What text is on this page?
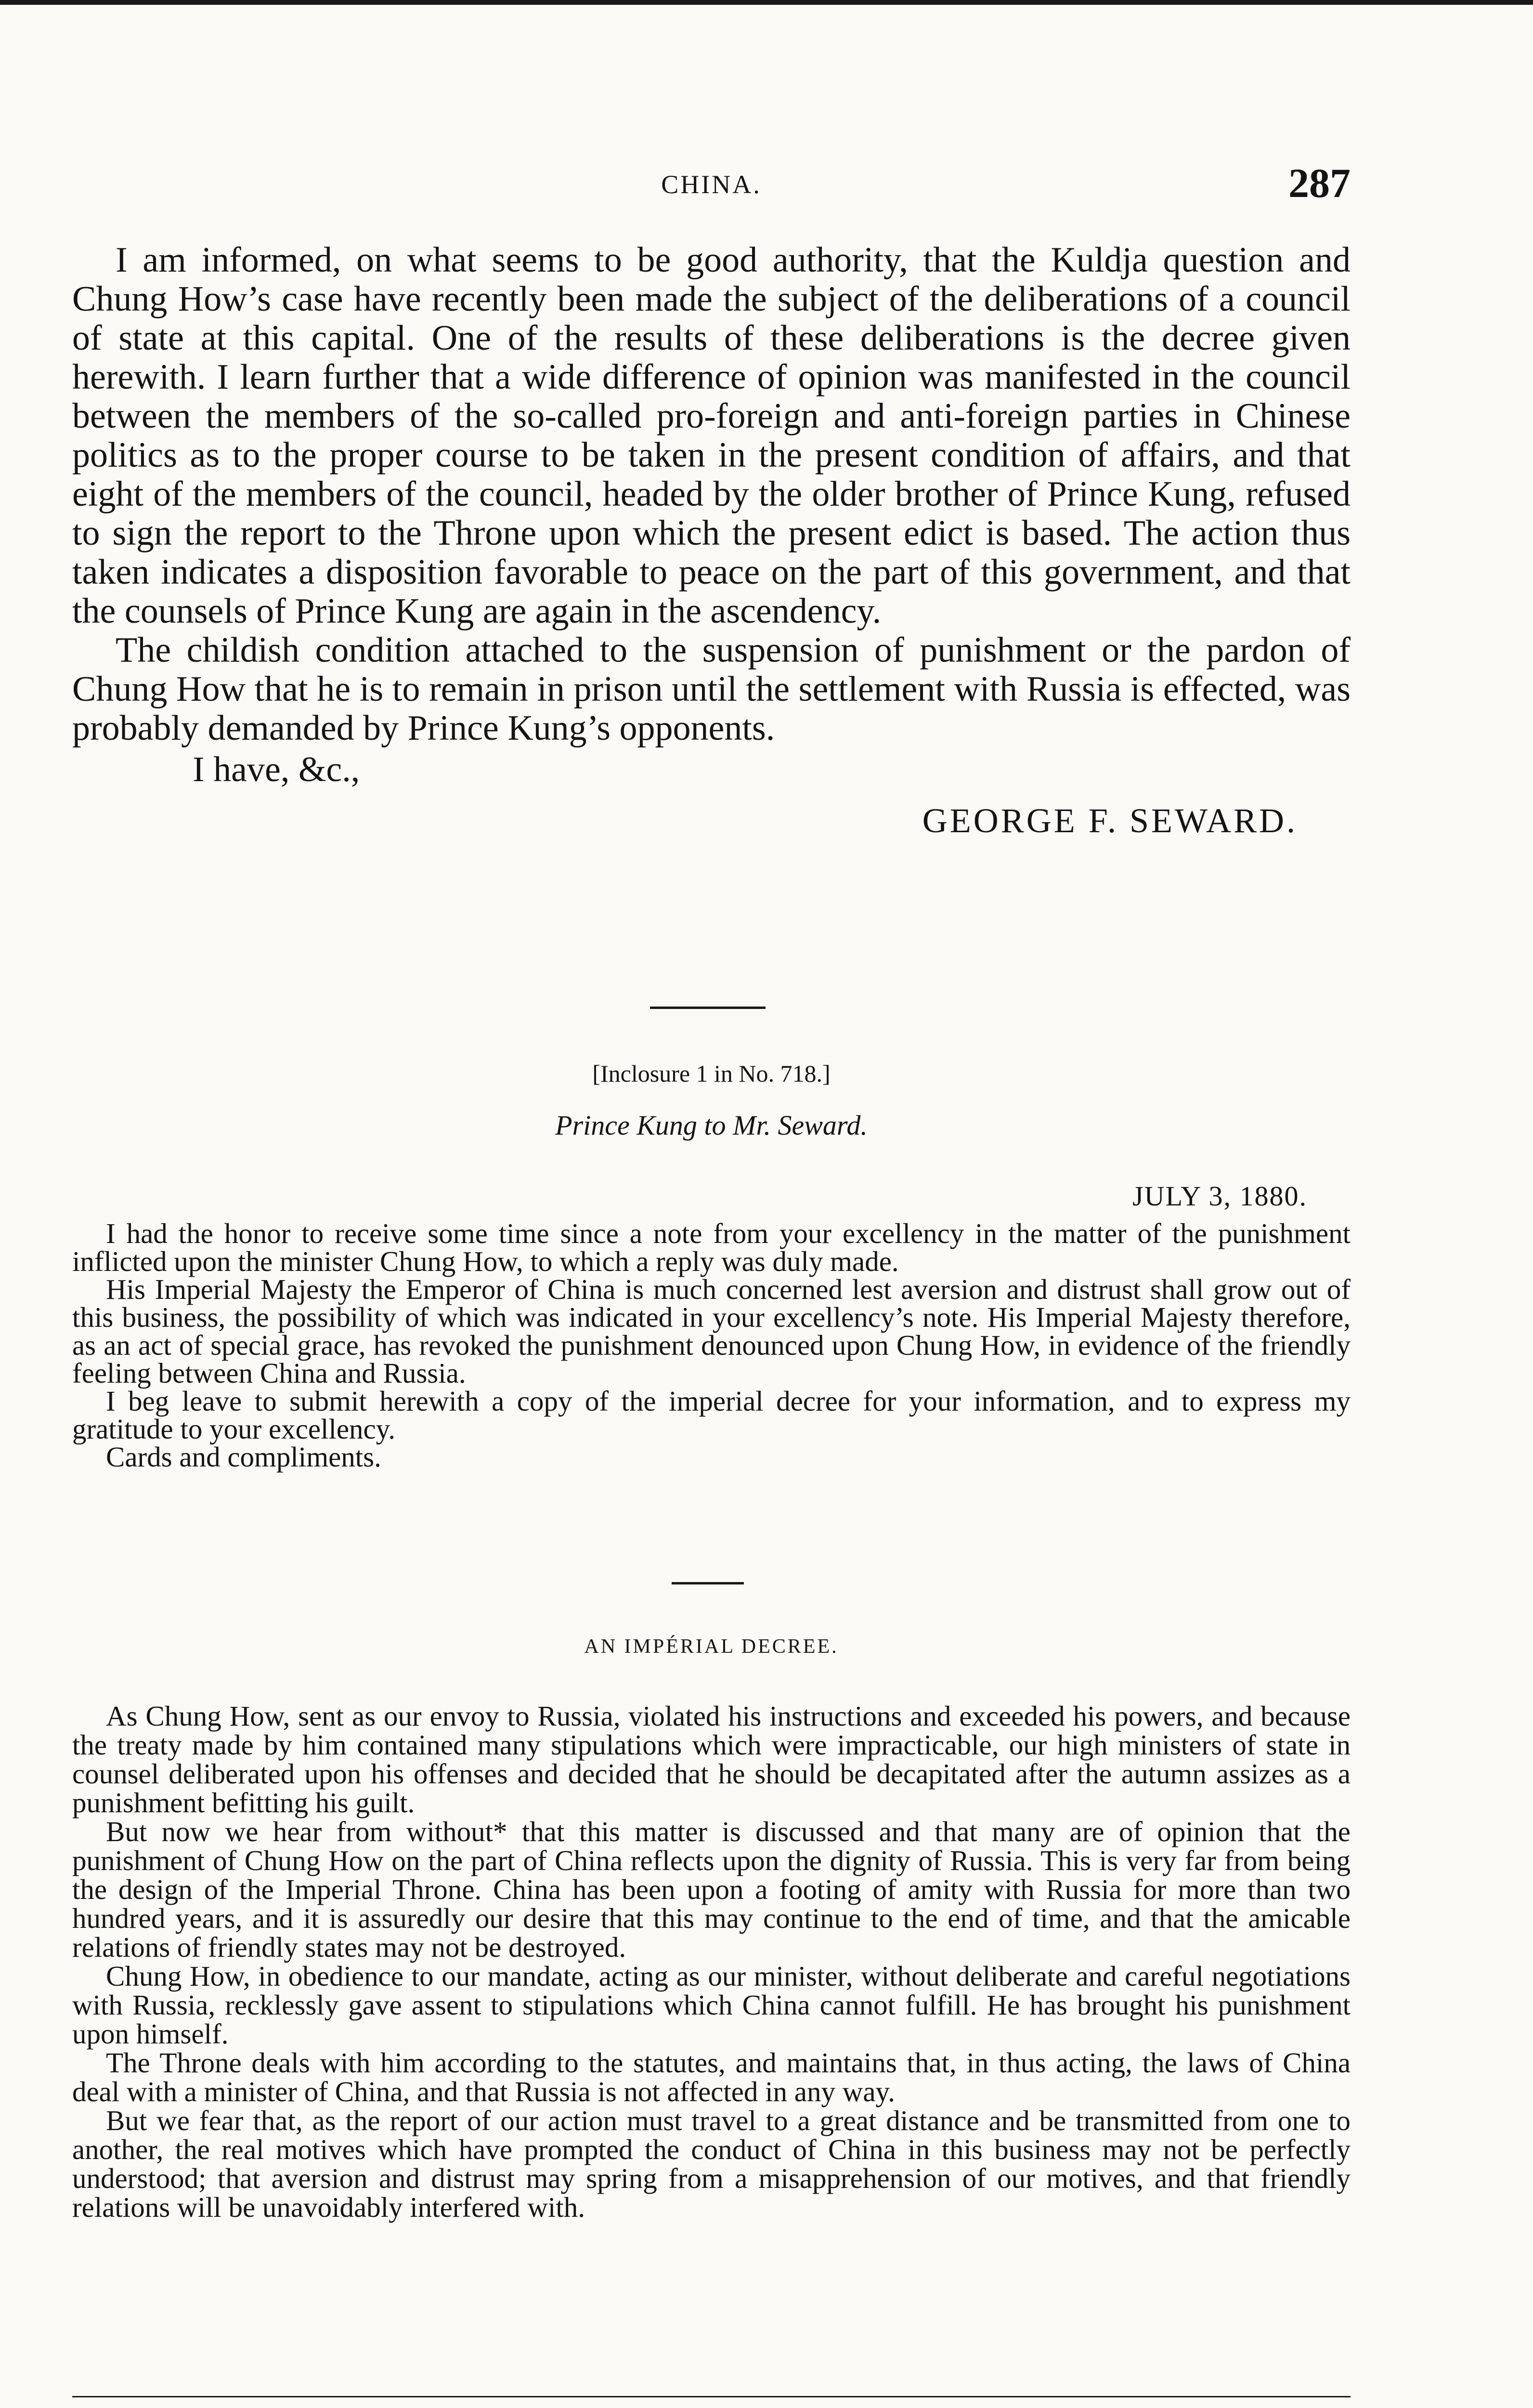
CHINA.	287

I am informed, on what seems to be good authority, that the Kuldja question and Chung How’s case have recently been made the subject of the deliberations of a council of state at this capital. One of the results of these deliberations is the decree given herewith. I learn further that a wide difference of opinion was manifested in the council between the members of the so-called pro-foreign and anti-foreign parties in Chinese politics as to the proper course to be taken in the present condition of affairs, and that eight of the members of the council, headed by the older brother of Prince Kung, refused to sign the report to the Throne upon which the present edict is based. The action thus taken indicates a disposition favorable to peace on the part of this government, and that the counsels of Prince Kung are again in the ascendency.

The childish condition attached to the suspension of punishment or the pardon of Chung How that he is to remain in prison until the settlement with Russia is effected, was probably demanded by Prince Kung’s opponents.

I have, &c.,
GEORGE F. SEWARD.
[Inclosure 1 in No. 718.]
Prince Kung to Mr. Seward.
JULY 3, 1880.

I had the honor to receive some time since a note from your excellency in the matter of the punishment inflicted upon the minister Chung How, to which a reply was duly made.

His Imperial Majesty the Emperor of China is much concerned lest aversion and distrust shall grow out of this business, the possibility of which was indicated in your excellency’s note. His Imperial Majesty therefore, as an act of special grace, has revoked the punishment denounced upon Chung How, in evidence of the friendly feeling between China and Russia.

I beg leave to submit herewith a copy of the imperial decree for your information, and to express my gratitude to your excellency.

Cards and compliments.

AN IMPÉRIAL DECREE.

As Chung How, sent as our envoy to Russia, violated his instructions and exceeded his powers, and because the treaty made by him contained many stipulations which were impracticable, our high ministers of state in counsel deliberated upon his offenses and decided that he should be decapitated after the autumn assizes as a punishment befitting his guilt.

But now we hear from without* that this matter is discussed and that many are of opinion that the punishment of Chung How on the part of China reflects upon the dignity of Russia. This is very far from being the design of the Imperial Throne. China has been upon a footing of amity with Russia for more than two hundred years, and it is assuredly our desire that this may continue to the end of time, and that the amicable relations of friendly states may not be destroyed.

Chung How, in obedience to our mandate, acting as our minister, without deliberate and careful negotiations with Russia, recklessly gave assent to stipulations which China cannot fulfill. He has brought his punishment upon himself.

The Throne deals with him according to the statutes, and maintains that, in thus acting, the laws of China deal with a minister of China, and that Russia is not affected in any way.

But we fear that, as the report of our action must travel to a great distance and be transmitted from one to another, the real motives which have prompted the conduct of China in this business may not be perfectly understood; that aversion and distrust may spring from a misapprehension of our motives, and that friendly relations will be unavoidably interfered with.
